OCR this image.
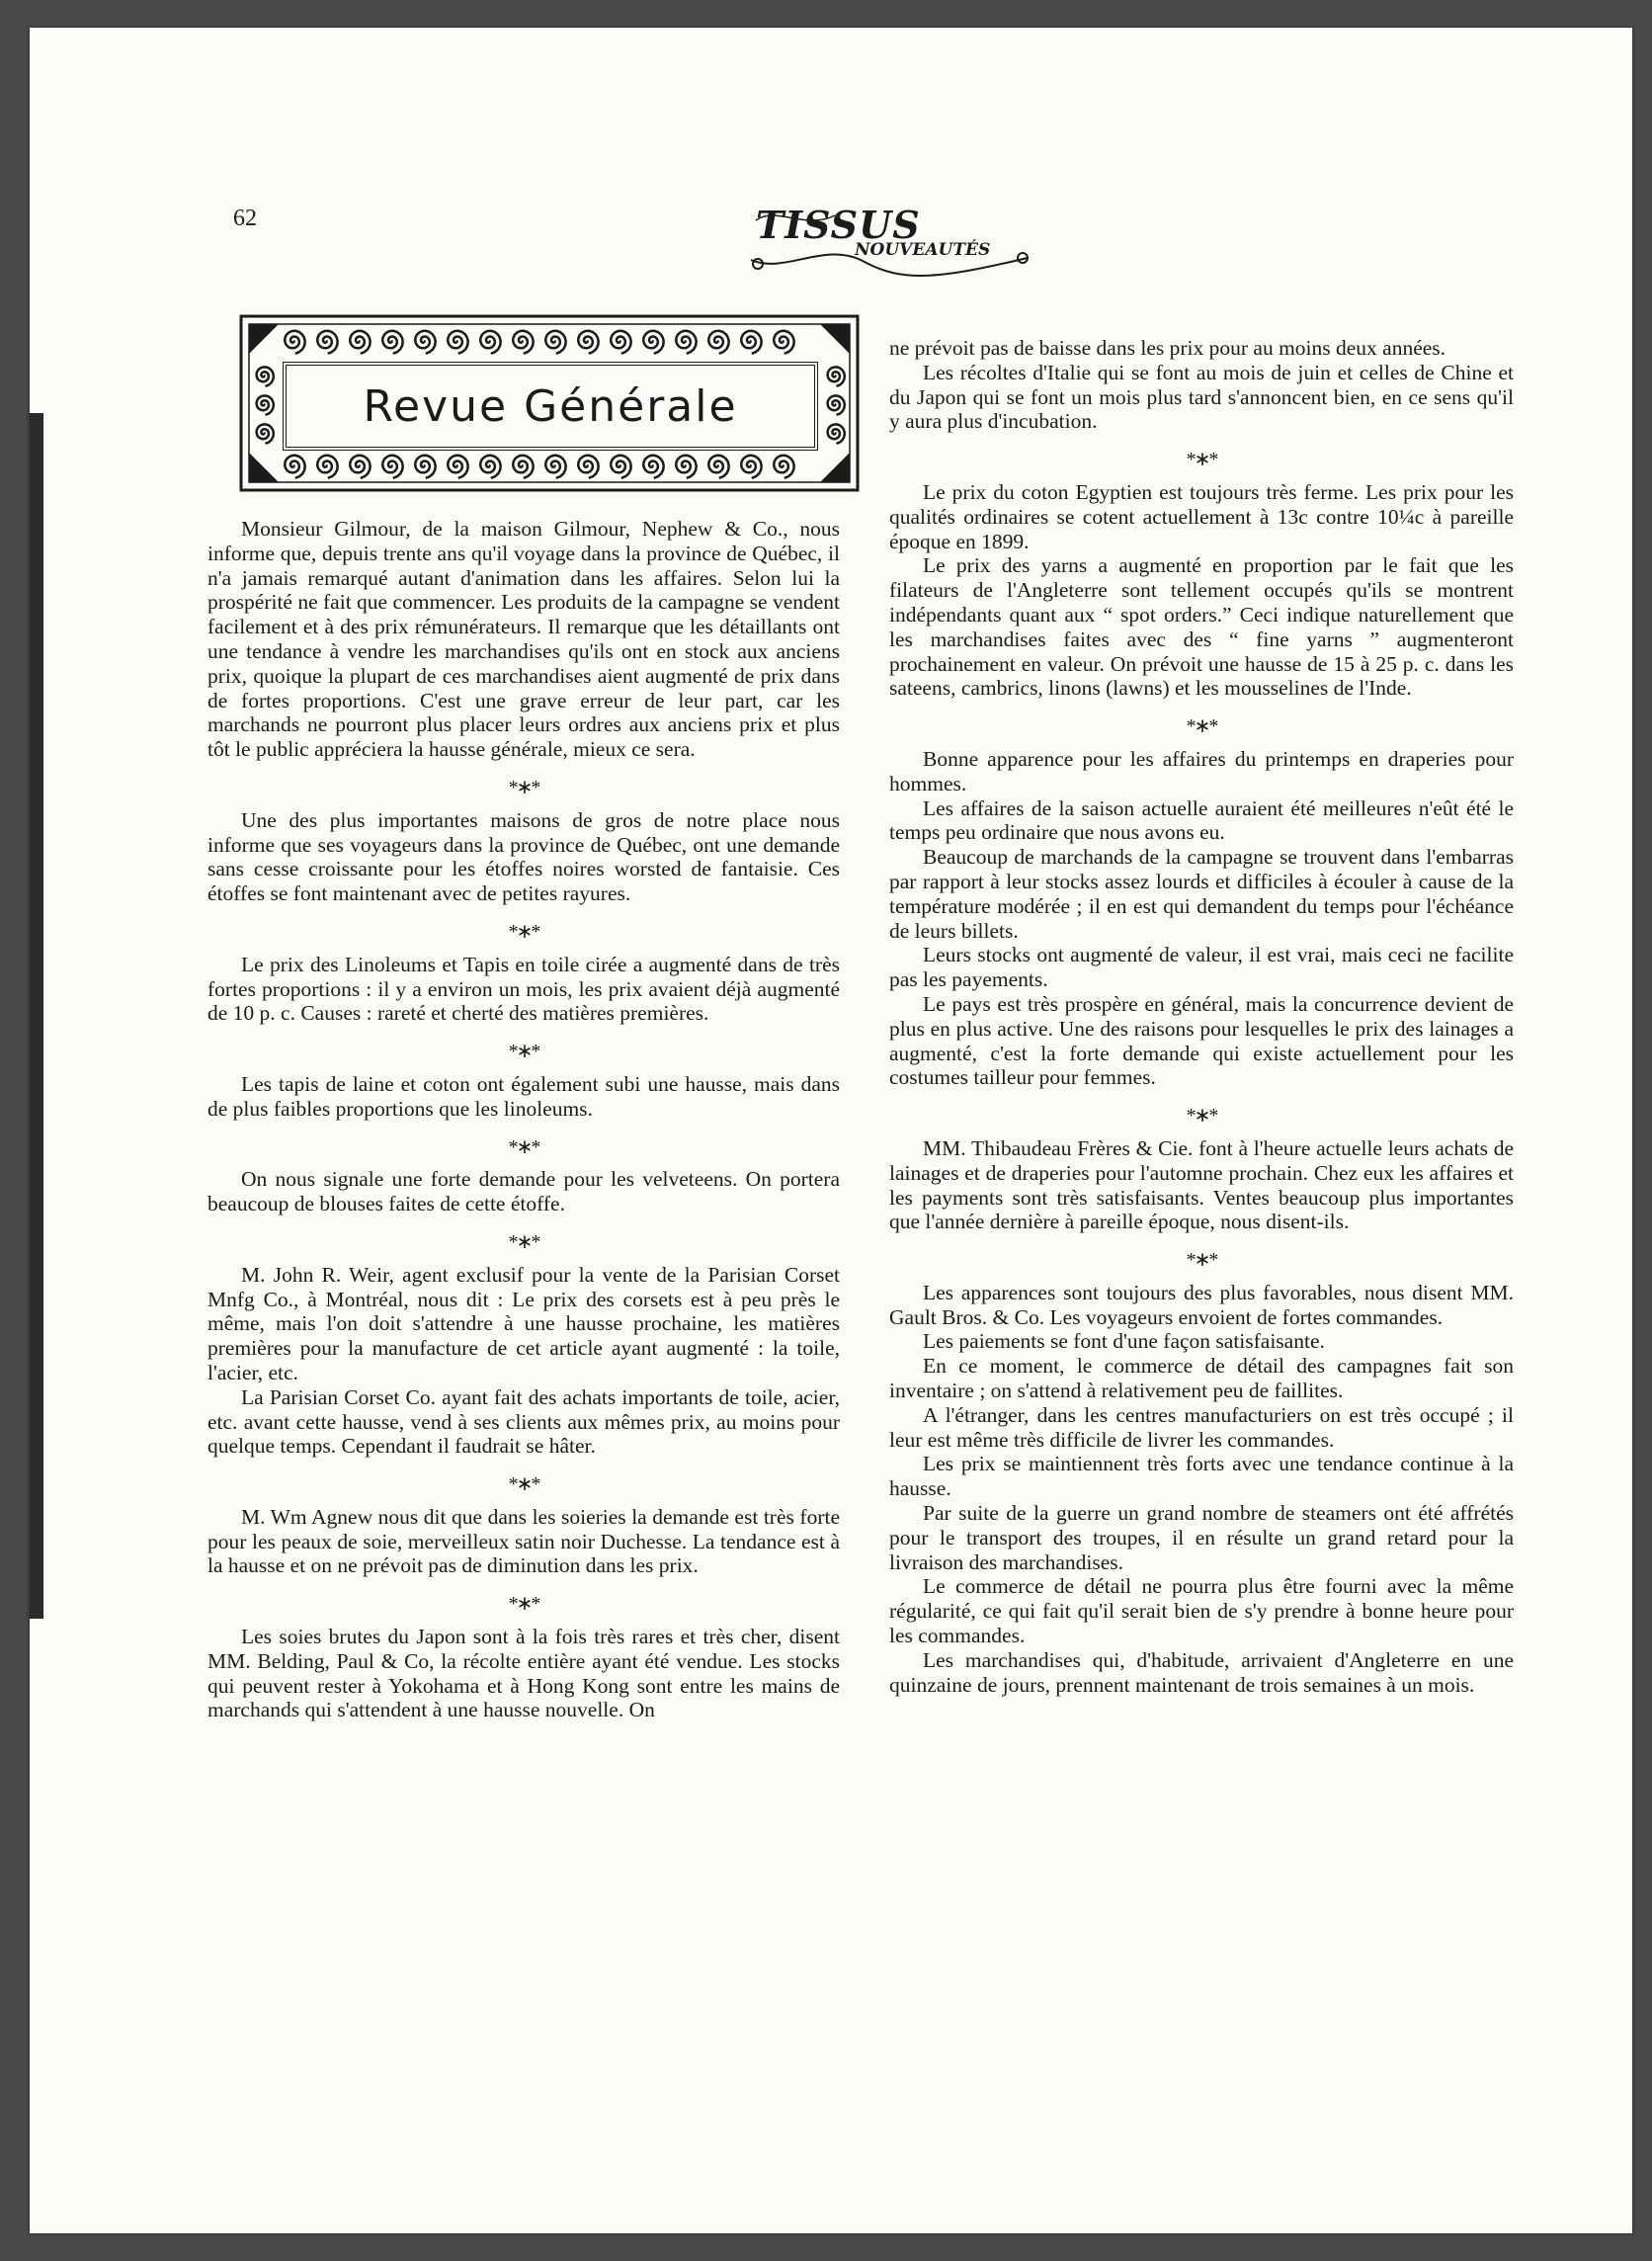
62	TISSUS
NOUVEAUTÉS
Revue Générale

Monsieur Gilmour, de la maison Gilmour, Nephew & Co., nous informe que, depuis trente ans qu'il voyage dans la province de Québec, il n'a jamais remarqué autant d'animation dans les affaires. Selon lui la prospérité ne fait que commencer. Les produits de la campagne se vendent facilement et à des prix rémunérateurs. Il remarque que les détaillants ont une tendance à vendre les marchandises qu'ils ont en stock aux anciens prix, quoique la plupart de ces marchandises aient augmenté de prix dans de fortes proportions. C'est une grave erreur de leur part, car les marchands ne pourront plus placer leurs ordres aux anciens prix et plus tôt le public appréciera la hausse générale, mieux ce sera.

*∗*

Une des plus importantes maisons de gros de notre place nous informe que ses voyageurs dans la province de Québec, ont une demande sans cesse croissante pour les étoffes noires worsted de fantaisie. Ces étoffes se font maintenant avec de petites rayures.

*∗*

Le prix des Linoleums et Tapis en toile cirée a augmenté dans de très fortes proportions : il y a environ un mois, les prix avaient déjà augmenté de 10 p. c. Causes : rareté et cherté des matières premières.

*∗*

Les tapis de laine et coton ont également subi une hausse, mais dans de plus faibles proportions que les linoleums.

*∗*

On nous signale une forte demande pour les velveteens. On portera beaucoup de blouses faites de cette étoffe.

*∗*

M. John R. Weir, agent exclusif pour la vente de la Parisian Corset Mnfg Co., à Montréal, nous dit : Le prix des corsets est à peu près le même, mais l'on doit s'attendre à une hausse prochaine, les matières premières pour la manufacture de cet article ayant augmenté : la toile, l'acier, etc.

La Parisian Corset Co. ayant fait des achats importants de toile, acier, etc. avant cette hausse, vend à ses clients aux mêmes prix, au moins pour quelque temps. Cependant il faudrait se hâter.

*∗*

M. Wm Agnew nous dit que dans les soieries la demande est très forte pour les peaux de soie, merveilleux satin noir Duchesse. La tendance est à la hausse et on ne prévoit pas de diminution dans les prix.

*∗*

Les soies brutes du Japon sont à la fois très rares et très cher, disent MM. Belding, Paul & Co, la récolte entière ayant été vendue. Les stocks qui peuvent rester à Yokohama et à Hong Kong sont entre les mains de marchands qui s'attendent à une hausse nouvelle. On

ne prévoit pas de baisse dans les prix pour au moins deux années.

Les récoltes d'Italie qui se font au mois de juin et celles de Chine et du Japon qui se font un mois plus tard s'annoncent bien, en ce sens qu'il y aura plus d'incubation.

*∗*

Le prix du coton Egyptien est toujours très ferme. Les prix pour les qualités ordinaires se cotent actuellement à 13c contre 10¼c à pareille époque en 1899.

Le prix des yarns a augmenté en proportion par le fait que les filateurs de l'Angleterre sont tellement occupés qu'ils se montrent indépendants quant aux “ spot orders.” Ceci indique naturellement que les marchandises faites avec des “ fine yarns ” augmenteront prochainement en valeur. On prévoit une hausse de 15 à 25 p. c. dans les sateens, cambrics, linons (lawns) et les mousselines de l'Inde.

*∗*

Bonne apparence pour les affaires du printemps en draperies pour hommes.

Les affaires de la saison actuelle auraient été meilleures n'eût été le temps peu ordinaire que nous avons eu.

Beaucoup de marchands de la campagne se trouvent dans l'embarras par rapport à leur stocks assez lourds et difficiles à écouler à cause de la température modérée ; il en est qui demandent du temps pour l'échéance de leurs billets.

Leurs stocks ont augmenté de valeur, il est vrai, mais ceci ne facilite pas les payements.

Le pays est très prospère en général, mais la concurrence devient de plus en plus active. Une des raisons pour lesquelles le prix des lainages a augmenté, c'est la forte demande qui existe actuellement pour les costumes tailleur pour femmes.

*∗*

MM. Thibaudeau Frères & Cie. font à l'heure actuelle leurs achats de lainages et de draperies pour l'automne prochain. Chez eux les affaires et les payments sont très satisfaisants. Ventes beaucoup plus importantes que l'année dernière à pareille époque, nous disent-ils.

*∗*

Les apparences sont toujours des plus favorables, nous disent MM. Gault Bros. & Co. Les voyageurs envoient de fortes commandes.

Les paiements se font d'une façon satisfaisante.

En ce moment, le commerce de détail des campagnes fait son inventaire ; on s'attend à relativement peu de faillites.

A l'étranger, dans les centres manufacturiers on est très occupé ; il leur est même très difficile de livrer les commandes.

Les prix se maintiennent très forts avec une tendance continue à la hausse.

Par suite de la guerre un grand nombre de steamers ont été affrétés pour le transport des troupes, il en résulte un grand retard pour la livraison des marchandises.

Le commerce de détail ne pourra plus être fourni avec la même régularité, ce qui fait qu'il serait bien de s'y prendre à bonne heure pour les commandes.

Les marchandises qui, d'habitude, arrivaient d'Angleterre en une quinzaine de jours, prennent maintenant de trois semaines à un mois.
